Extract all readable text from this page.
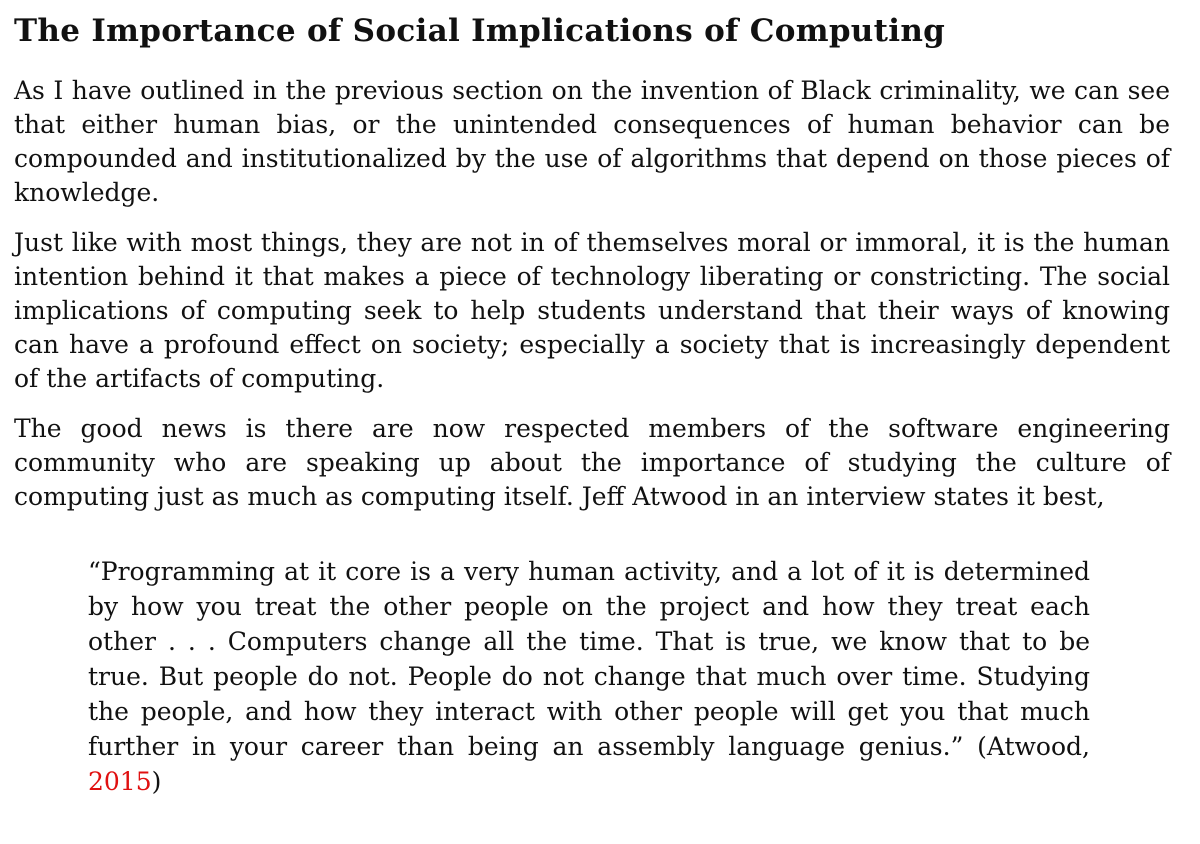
The Importance of Social Implications of Computing

As I have outlined in the previous section on the invention of Black criminality, we can see that either human bias, or the unintended consequences of human behavior can be compounded and institutionalized by the use of algorithms that depend on those pieces of knowledge.

Just like with most things, they are not in of themselves moral or immoral, it is the human intention behind it that makes a piece of technology liberating or constricting. The social implications of computing seek to help students understand that their ways of knowing can have a profound effect on society; especially a society that is increasingly dependent of the artifacts of computing.

The good news is there are now respected members of the software engineering community who are speaking up about the importance of studying the culture of computing just as much as computing itself. Jeff Atwood in an interview states it best,

“Programming at it core is a very human activity, and a lot of it is determined by how you treat the other people on the project and how they treat each other . . . Computers change all the time. That is true, we know that to be true. But people do not. People do not change that much over time. Studying the people, and how they interact with other people will get you that much further in your career than being an assembly language genius.” (Atwood, 2015)
